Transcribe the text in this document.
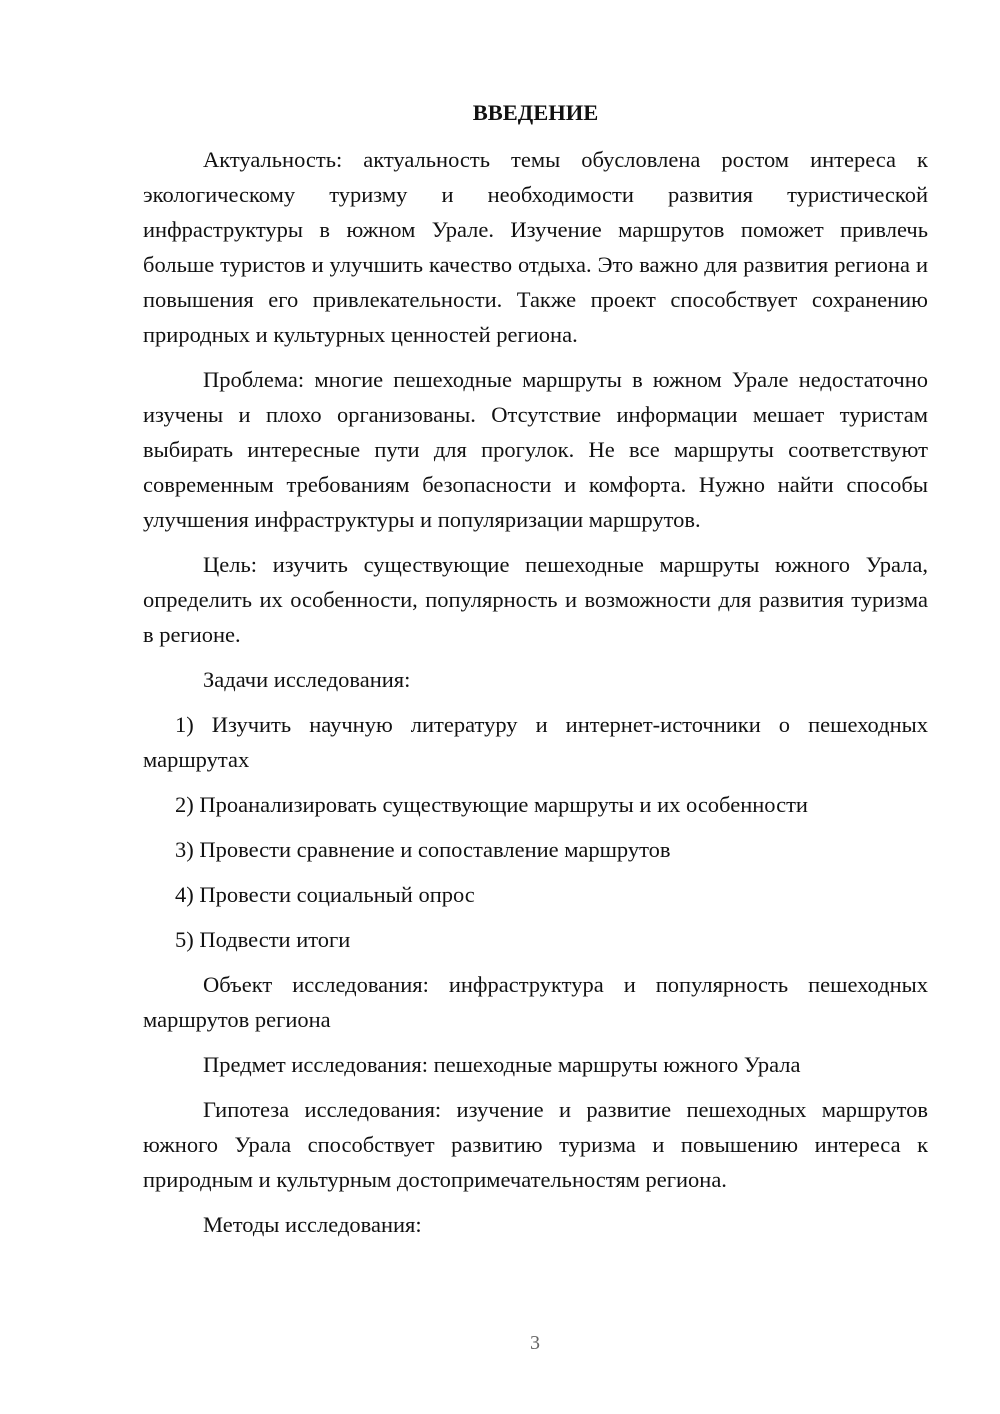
ВВЕДЕНИЕ

Актуальность: актуальность темы обусловлена ростом интереса к экологическому туризму и необходимости развития туристической инфраструктуры в южном Урале. Изучение маршрутов поможет привлечь больше туристов и улучшить качество отдыха. Это важно для развития региона и повышения его привлекательности. Также проект способствует сохранению природных и культурных ценностей региона.

Проблема: многие пешеходные маршруты в южном Урале недостаточно изучены и плохо организованы. Отсутствие информации мешает туристам выбирать интересные пути для прогулок. Не все маршруты соответствуют современным требованиям безопасности и комфорта. Нужно найти способы улучшения инфраструктуры и популяризации маршрутов.

Цель: изучить существующие пешеходные маршруты южного Урала, определить их особенности, популярность и возможности для развития туризма в регионе.

Задачи исследования:

1) Изучить научную литературу и интернет-источники о пешеходных маршрутах

2) Проанализировать существующие маршруты и их особенности

3) Провести сравнение и сопоставление маршрутов

4) Провести социальный опрос

5) Подвести итоги

Объект исследования: инфраструктура и популярность пешеходных маршрутов региона

Предмет исследования: пешеходные маршруты южного Урала

Гипотеза исследования: изучение и развитие пешеходных маршрутов южного Урала способствует развитию туризма и повышению интереса к природным и культурным достопримечательностям региона.

Методы исследования:

3
